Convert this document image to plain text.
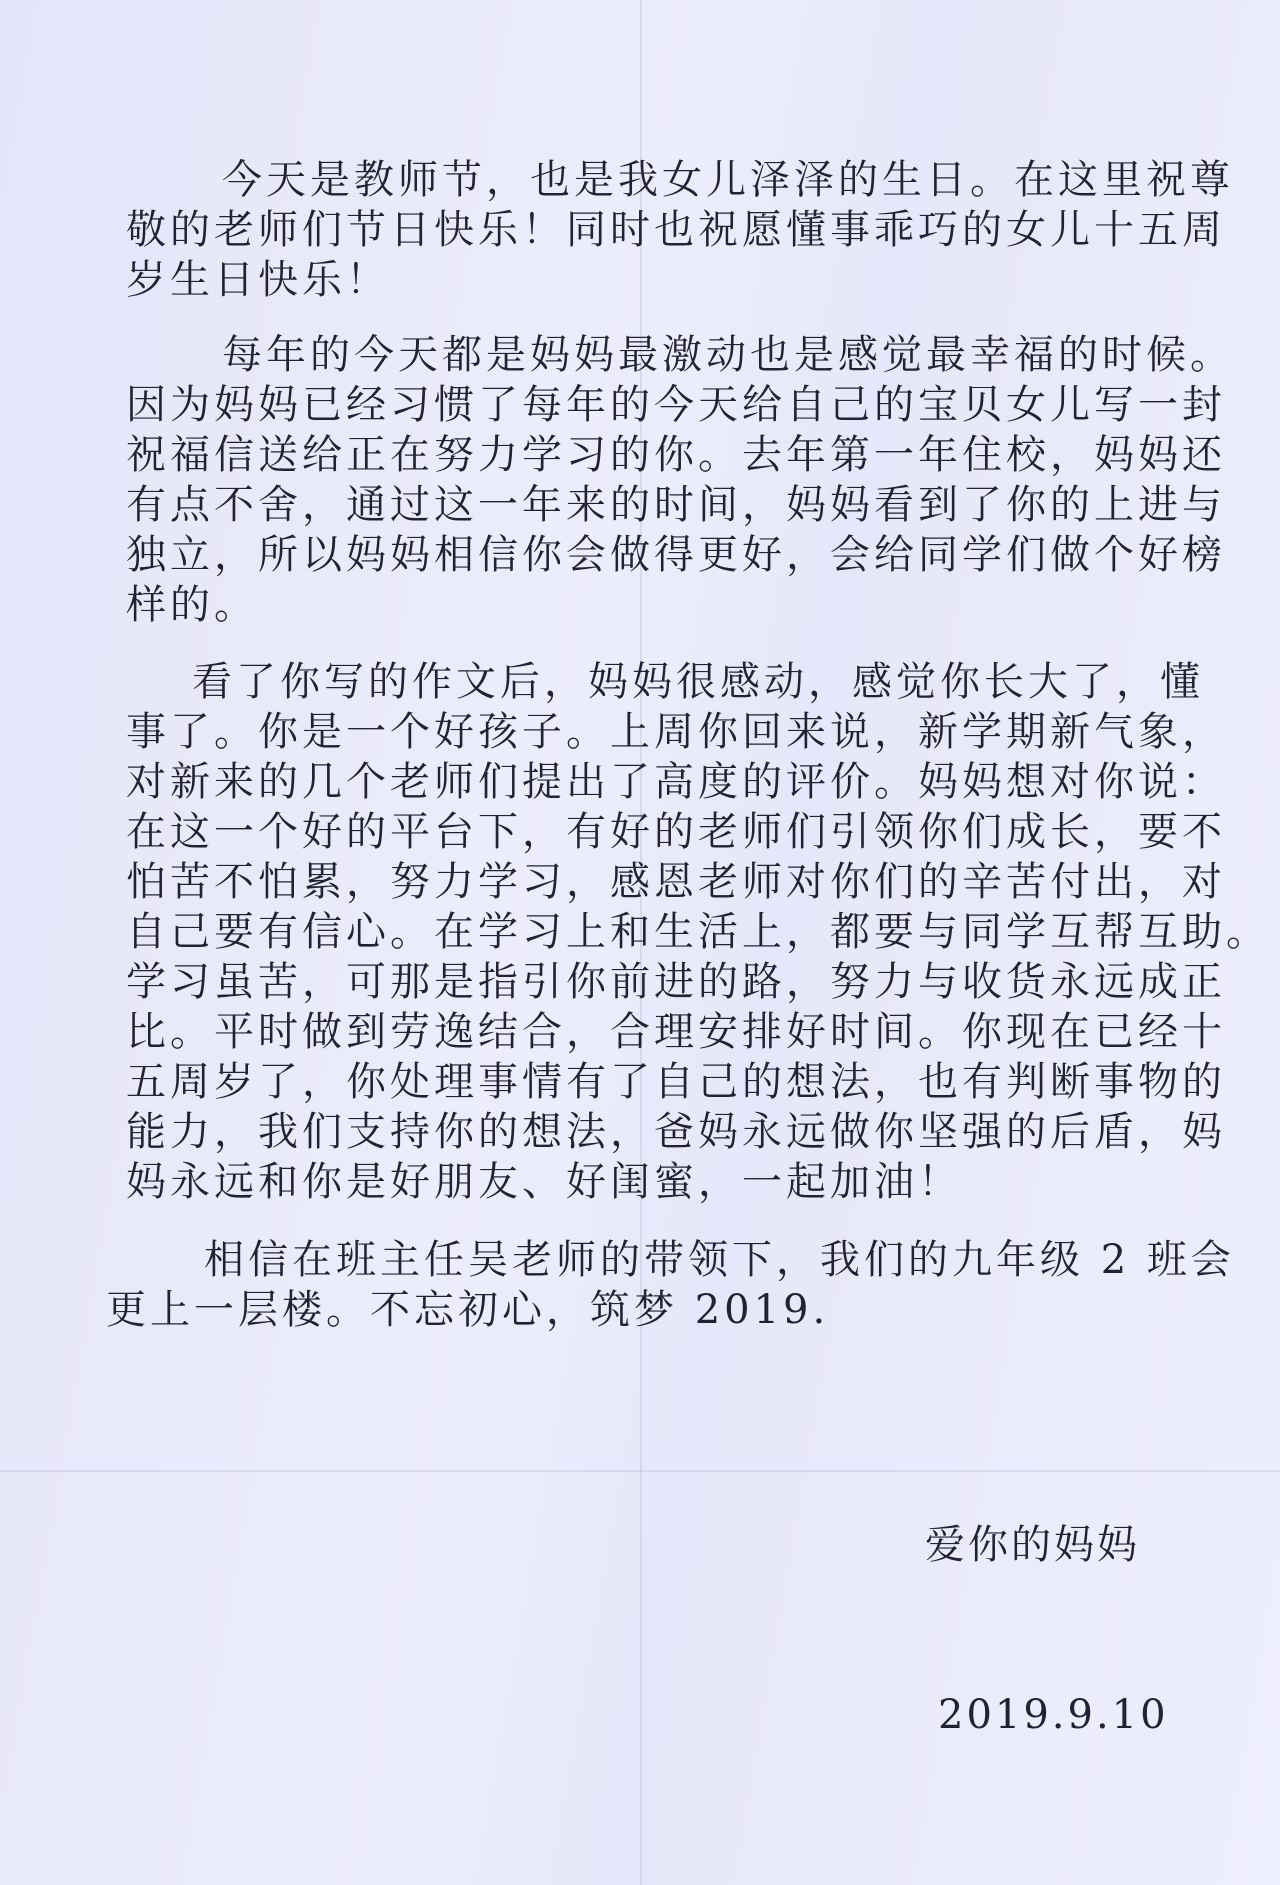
今天是教师节，也是我女儿泽泽的生日。在这里祝尊
敬的老师们节日快乐！同时也祝愿懂事乖巧的女儿十五周
岁生日快乐！
每年的今天都是妈妈最激动也是感觉最幸福的时候。
因为妈妈已经习惯了每年的今天给自己的宝贝女儿写一封
祝福信送给正在努力学习的你。去年第一年住校，妈妈还
有点不舍，通过这一年来的时间，妈妈看到了你的上进与
独立，所以妈妈相信你会做得更好，会给同学们做个好榜
样的。
看了你写的作文后，妈妈很感动，感觉你长大了，懂
事了。你是一个好孩子。上周你回来说，新学期新气象，
对新来的几个老师们提出了高度的评价。妈妈想对你说：
在这一个好的平台下，有好的老师们引领你们成长，要不
怕苦不怕累，努力学习，感恩老师对你们的辛苦付出，对
自己要有信心。在学习上和生活上，都要与同学互帮互助。
学习虽苦，可那是指引你前进的路，努力与收货永远成正
比。平时做到劳逸结合，合理安排好时间。你现在已经十
五周岁了，你处理事情有了自己的想法，也有判断事物的
能力，我们支持你的想法，爸妈永远做你坚强的后盾，妈
妈永远和你是好朋友、好闺蜜，一起加油！
相信在班主任吴老师的带领下，我们的九年级 2 班会
更上一层楼。不忘初心，筑梦 2019.
爱你的妈妈
2019.9.10
